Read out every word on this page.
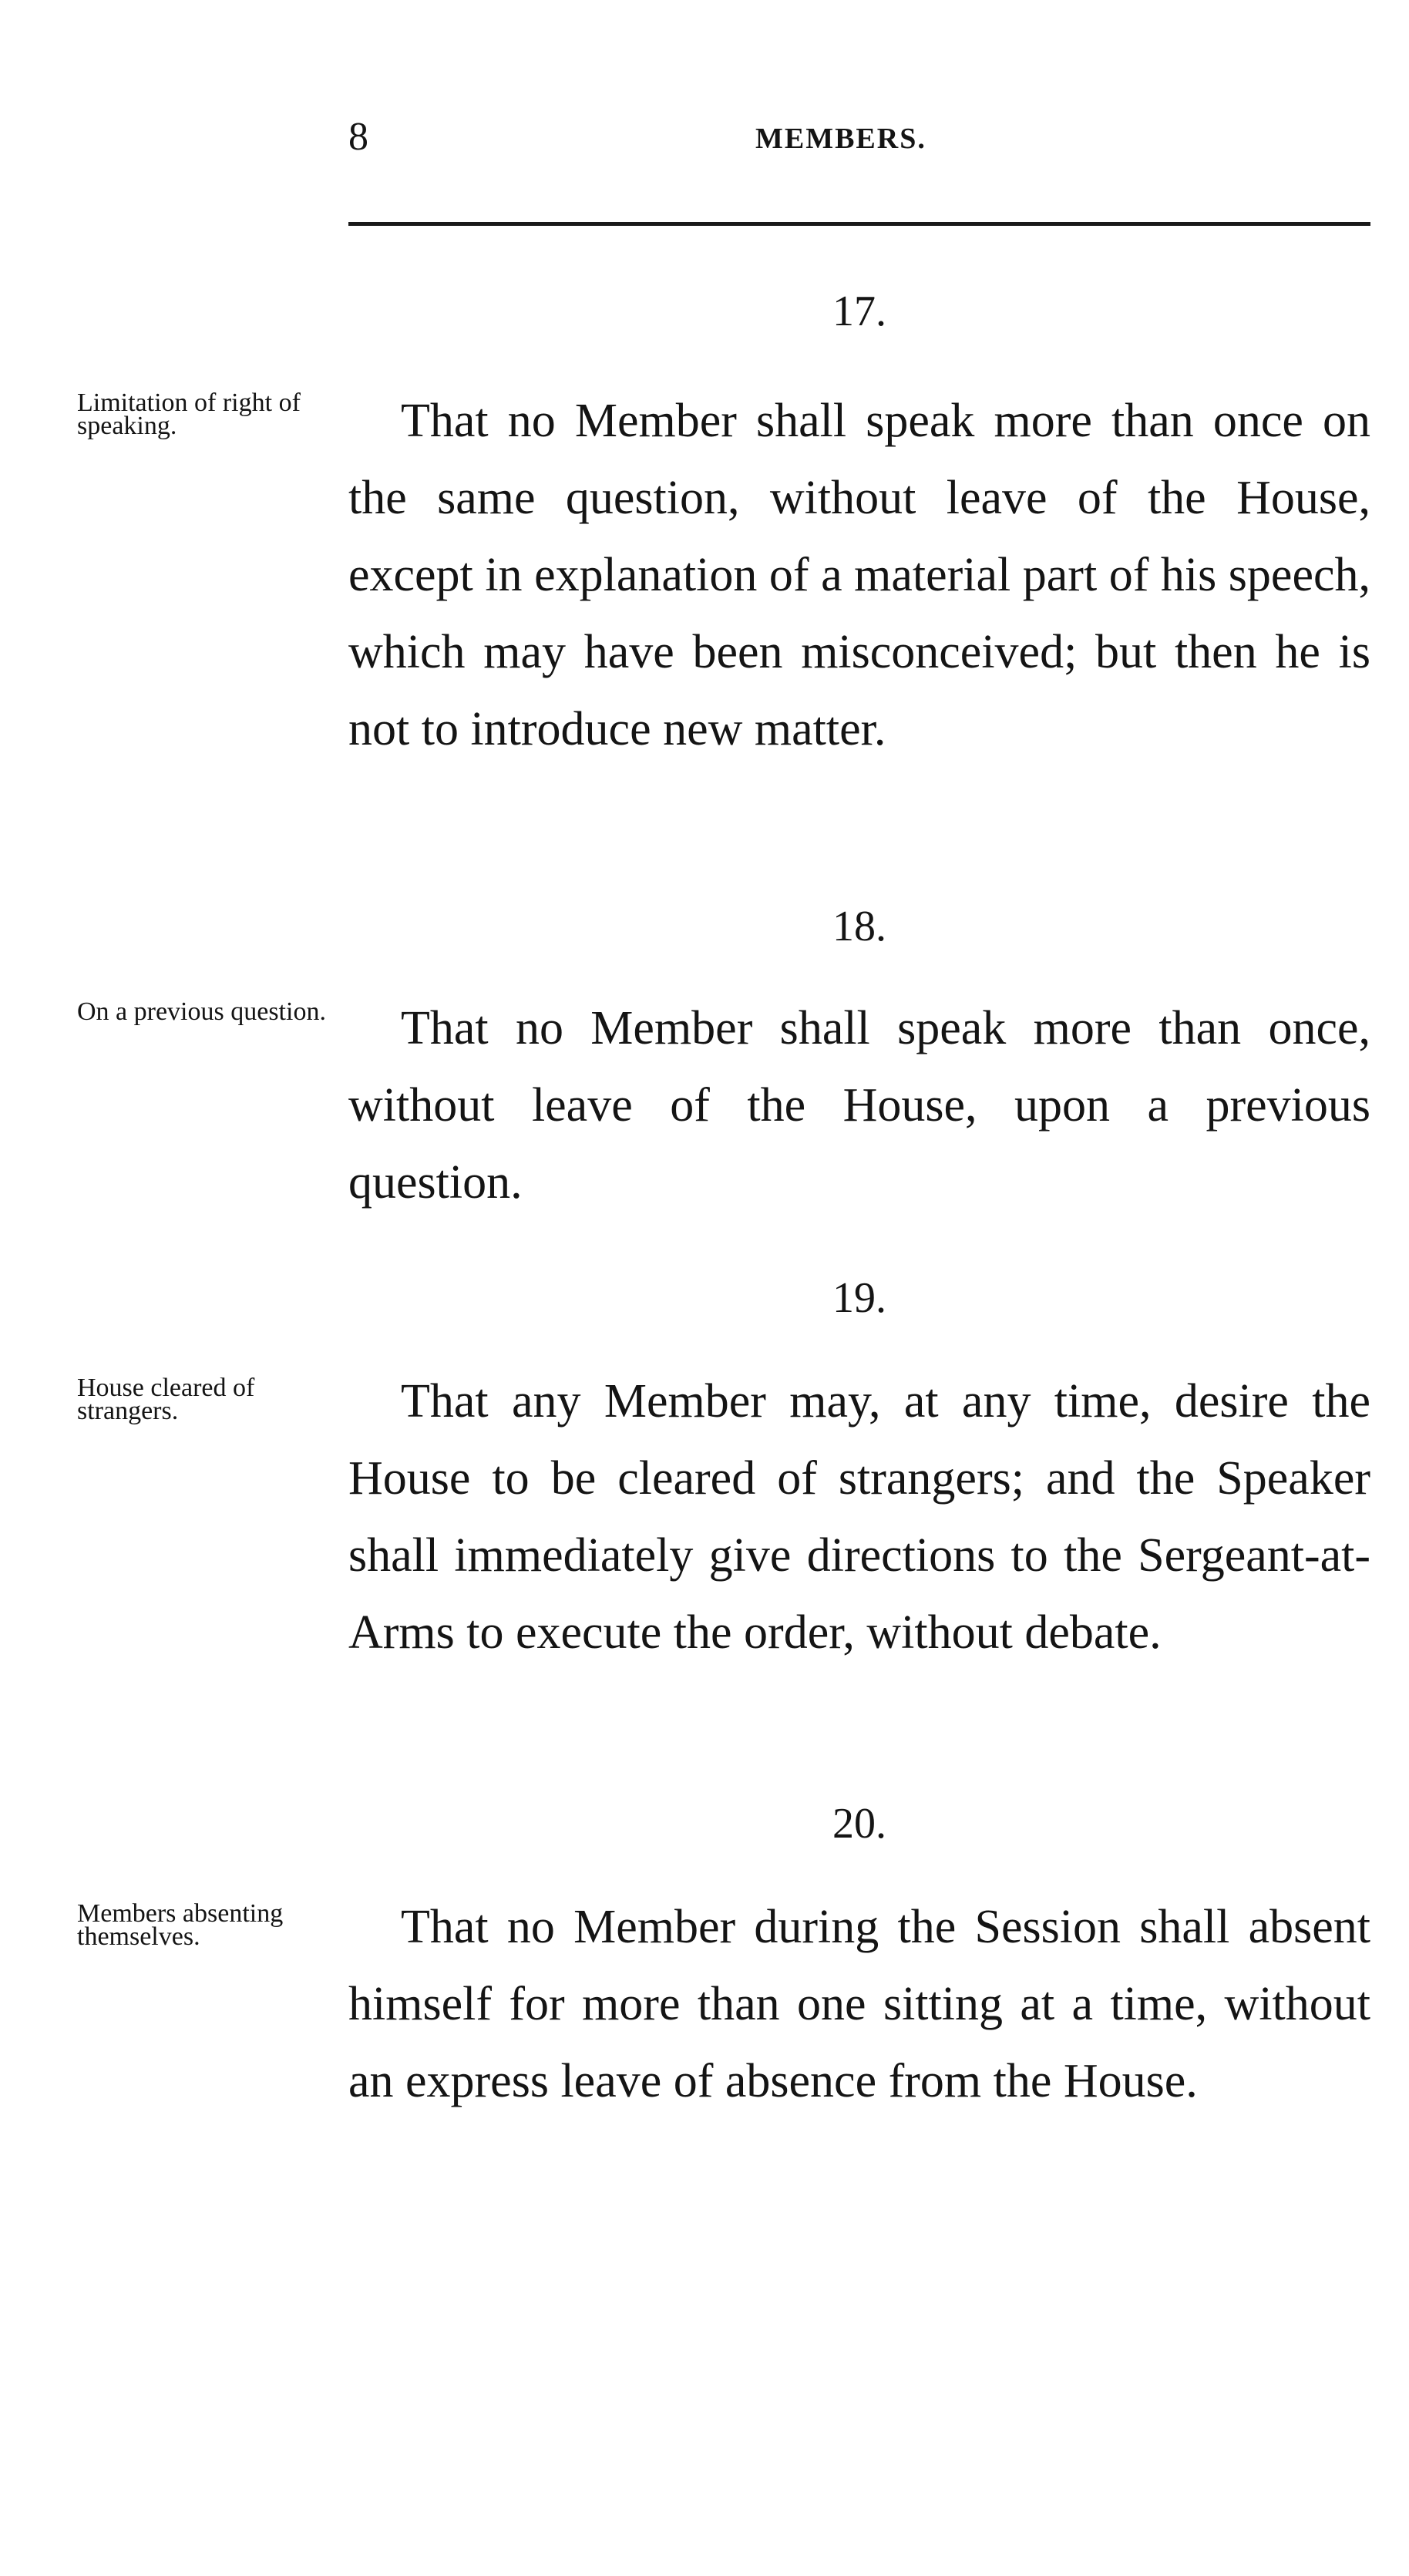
8	MEMBERS.
17.

Limitation of right of speaking.	That no Member shall speak more than once on the same question, without leave of the House, except in explanation of a material part of his speech, which may have been misconceived; but then he is not to introduce new matter.

18.

On a previous question.	That no Member shall speak more than once, without leave of the House, upon a previous question.

19.

House cleared of strangers.	That any Member may, at any time, desire the House to be cleared of strangers; and the Speaker shall immediately give directions to the Sergeant-at-Arms to execute the order, without debate.

20.

Members absenting themselves.	That no Member during the Session shall absent himself for more than one sitting at a time, without an express leave of absence from the House.
